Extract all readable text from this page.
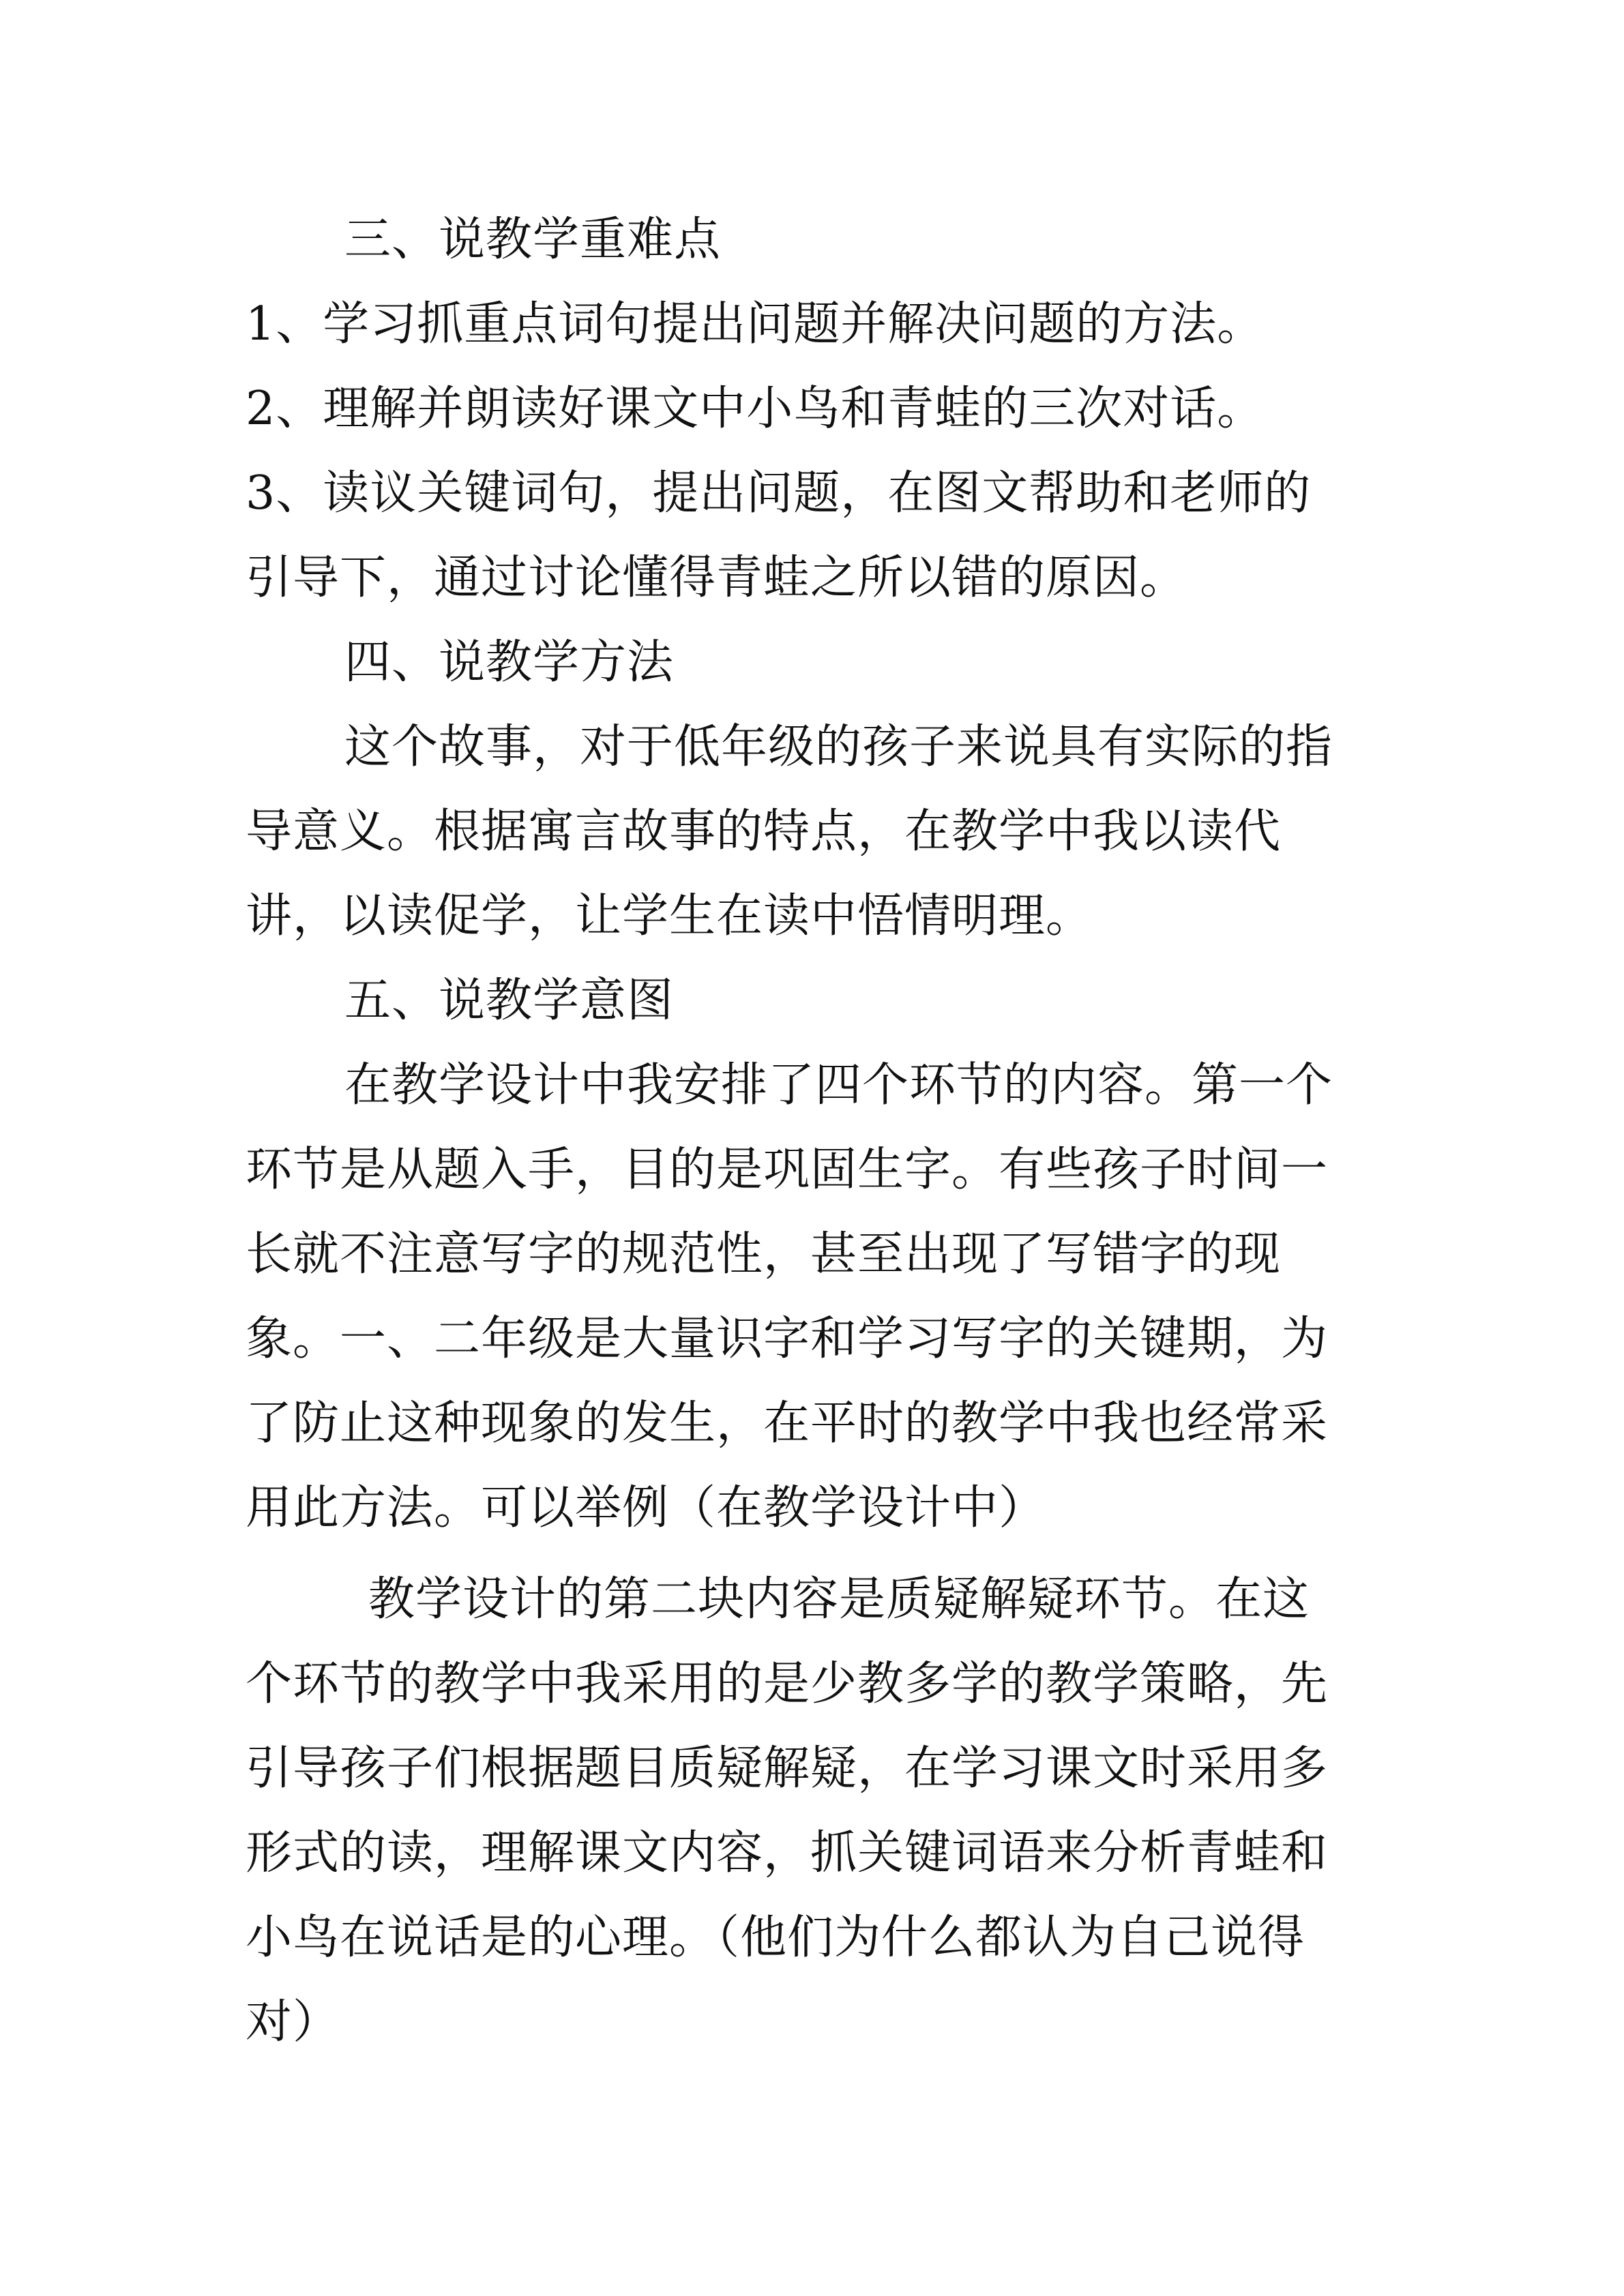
三、说教学重难点
1、学习抓重点词句提出问题并解决问题的方法。
2、理解并朗读好课文中小鸟和青蛙的三次对话。
3、读议关键词句，提出问题，在图文帮助和老师的
引导下，通过讨论懂得青蛙之所以错的原因。
四、说教学方法
这个故事，对于低年级的孩子来说具有实际的指
导意义。根据寓言故事的特点，在教学中我以读代
讲，以读促学，让学生在读中悟情明理。
五、说教学意图
在教学设计中我安排了四个环节的内容。第一个
环节是从题入手，目的是巩固生字。有些孩子时间一
长就不注意写字的规范性，甚至出现了写错字的现
象。一、二年级是大量识字和学习写字的关键期，为
了防止这种现象的发生，在平时的教学中我也经常采
用此方法。可以举例（在教学设计中）
教学设计的第二块内容是质疑解疑环节。在这
个环节的教学中我采用的是少教多学的教学策略，先
引导孩子们根据题目质疑解疑，在学习课文时采用多
形式的读，理解课文内容，抓关键词语来分析青蛙和
小鸟在说话是的心理。（他们为什么都认为自己说得
对）
